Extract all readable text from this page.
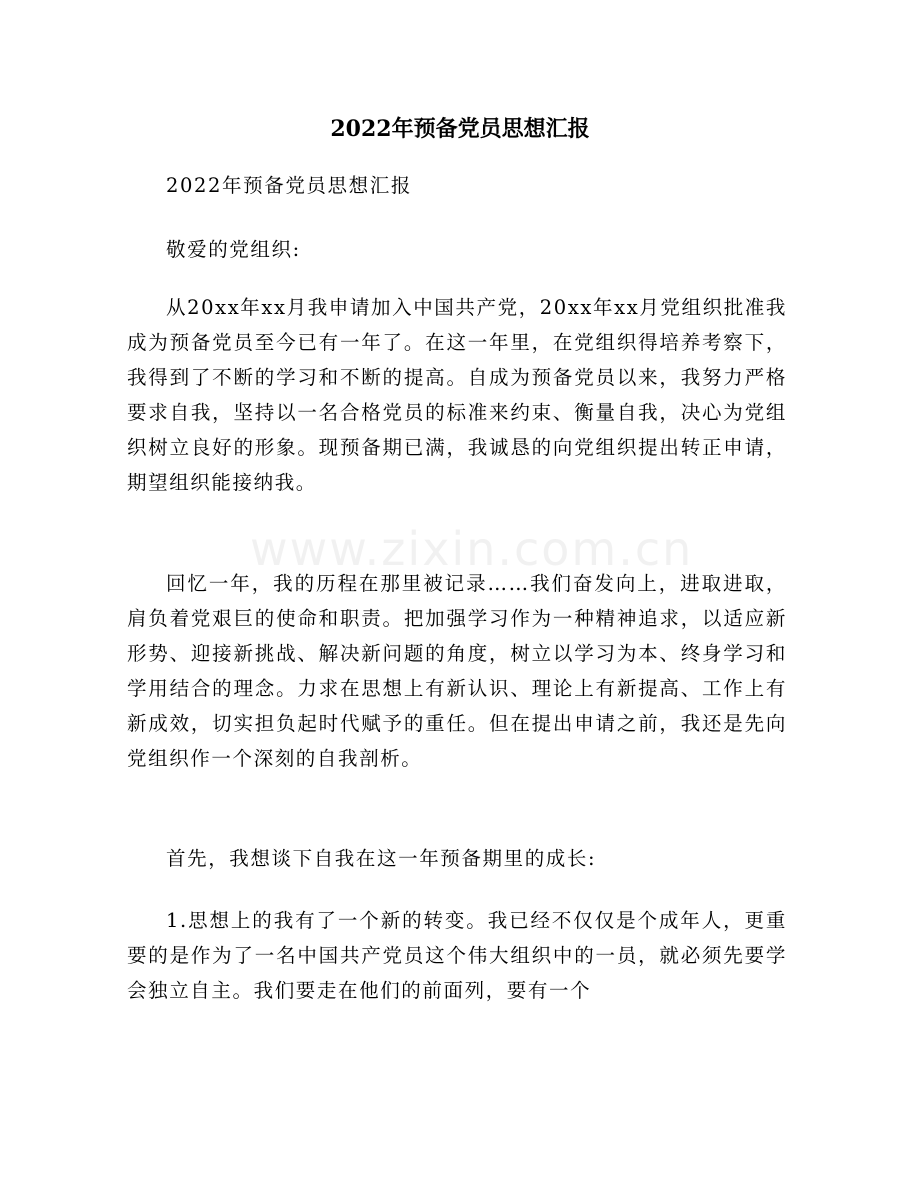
www.zixin.com.cn
2022年预备党员思想汇报

2022年预备党员思想汇报

敬爱的党组织:

从20xx年xx月我申请加入中国共产党，20xx年xx月党组织批准我成为预备党员至今已有一年了。在这一年里，在党组织得培养考察下，我得到了不断的学习和不断的提高。自成为预备党员以来，我努力严格要求自我，坚持以一名合格党员的标准来约束、衡量自我，决心为党组织树立良好的形象。现预备期已满，我诚恳的向党组织提出转正申请，期望组织能接纳我。

回忆一年，我的历程在那里被记录……我们奋发向上，进取进取，肩负着党艰巨的使命和职责。把加强学习作为一种精神追求，以适应新形势、迎接新挑战、解决新问题的角度，树立以学习为本、终身学习和学用结合的理念。力求在思想上有新认识、理论上有新提高、工作上有新成效，切实担负起时代赋予的重任。但在提出申请之前，我还是先向党组织作一个深刻的自我剖析。

首先，我想谈下自我在这一年预备期里的成长:

1.思想上的我有了一个新的转变。我已经不仅仅是个成年人，更重要的是作为了一名中国共产党员这个伟大组织中的一员，就必须先要学会独立自主。我们要走在他们的前面列，要有一个
